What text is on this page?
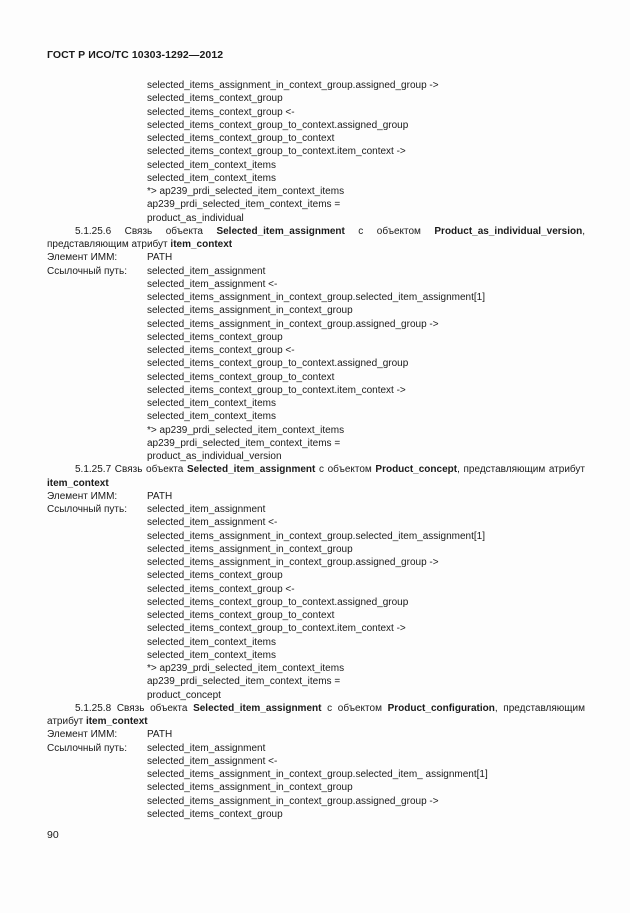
ГОСТ Р ИСО/ТС 10303-1292—2012
selected_items_assignment_in_context_group.assigned_group ->
selected_items_context_group
selected_items_context_group <-
selected_items_context_group_to_context.assigned_group
selected_items_context_group_to_context
selected_items_context_group_to_context.item_context ->
selected_item_context_items
selected_item_context_items
*> ap239_prdi_selected_item_context_items
ap239_prdi_selected_item_context_items =
product_as_individual
5.1.25.6 Связь объекта Selected_item_assignment с объектом Product_as_individual_version, представляющим атрибут item_context
Элемент ИММ:	PATH
Ссылочный путь:	selected_item_assignment
selected_item_assignment <-
selected_items_assignment_in_context_group.selected_item_assignment[1]
selected_items_assignment_in_context_group
selected_items_assignment_in_context_group.assigned_group ->
selected_items_context_group
selected_items_context_group <-
selected_items_context_group_to_context.assigned_group
selected_items_context_group_to_context
selected_items_context_group_to_context.item_context ->
selected_item_context_items
selected_item_context_items
*> ap239_prdi_selected_item_context_items
ap239_prdi_selected_item_context_items =
product_as_individual_version
5.1.25.7 Связь объекта Selected_item_assignment с объектом Product_concept, представляющим атрибут item_context
Элемент ИММ:	PATH
Ссылочный путь:	selected_item_assignment
selected_item_assignment <-
selected_items_assignment_in_context_group.selected_item_assignment[1]
selected_items_assignment_in_context_group
selected_items_assignment_in_context_group.assigned_group ->
selected_items_context_group
selected_items_context_group <-
selected_items_context_group_to_context.assigned_group
selected_items_context_group_to_context
selected_items_context_group_to_context.item_context ->
selected_item_context_items
selected_item_context_items
*> ap239_prdi_selected_item_context_items
ap239_prdi_selected_item_context_items =
product_concept
5.1.25.8 Связь объекта Selected_item_assignment с объектом Product_configuration, представляющим атрибут item_context
Элемент ИММ:	PATH
Ссылочный путь:	selected_item_assignment
selected_item_assignment <-
selected_items_assignment_in_context_group.selected_item_ assignment[1]
selected_items_assignment_in_context_group
selected_items_assignment_in_context_group.assigned_group ->
selected_items_context_group
90
